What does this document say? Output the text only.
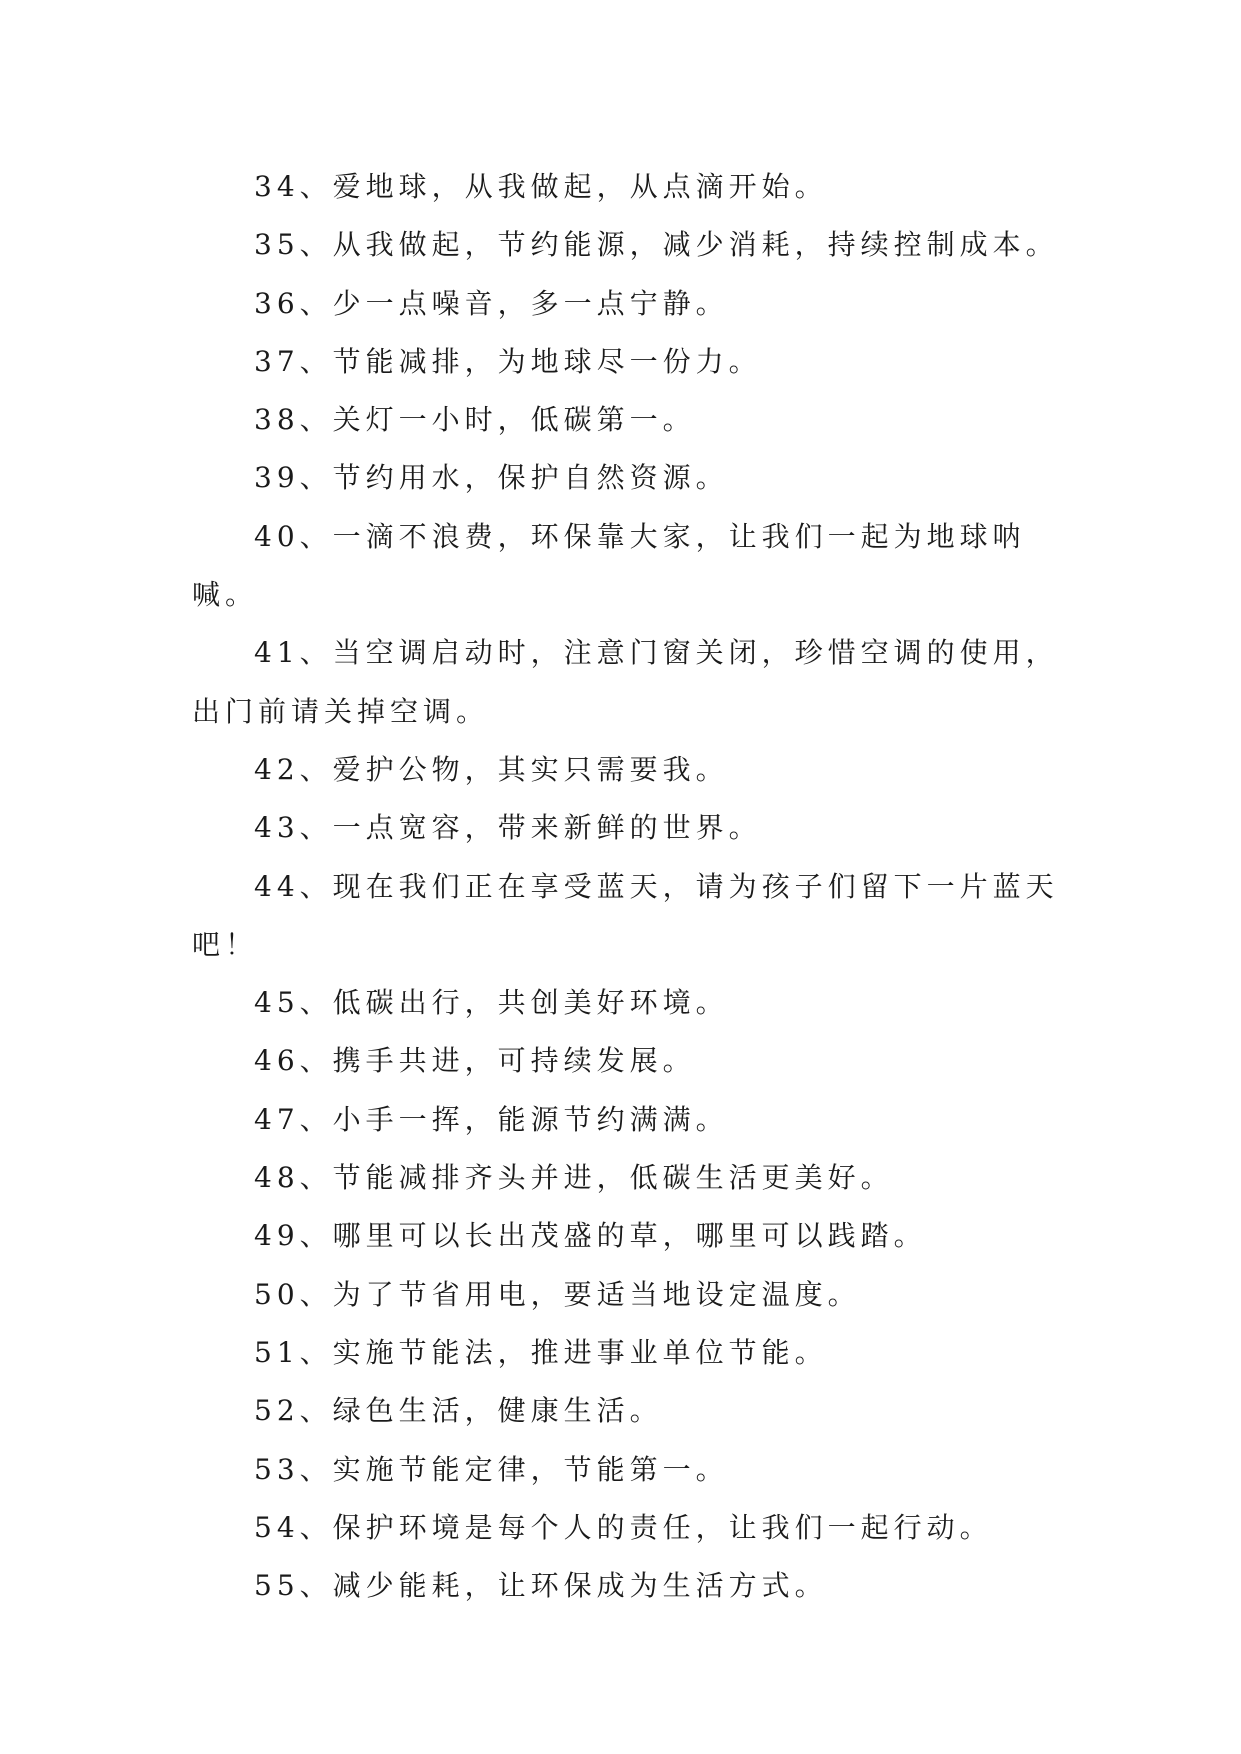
34、爱地球，从我做起，从点滴开始。

35、从我做起，节约能源，减少消耗，持续控制成本。

36、少一点噪音，多一点宁静。

37、节能减排，为地球尽一份力。

38、关灯一小时，低碳第一。

39、节约用水，保护自然资源。

40、一滴不浪费，环保靠大家，让我们一起为地球呐喊。

41、当空调启动时，注意门窗关闭，珍惜空调的使用，出门前请关掉空调。

42、爱护公物，其实只需要我。

43、一点宽容，带来新鲜的世界。

44、现在我们正在享受蓝天，请为孩子们留下一片蓝天吧！

45、低碳出行，共创美好环境。

46、携手共进，可持续发展。

47、小手一挥，能源节约满满。

48、节能减排齐头并进，低碳生活更美好。

49、哪里可以长出茂盛的草，哪里可以践踏。

50、为了节省用电，要适当地设定温度。

51、实施节能法，推进事业单位节能。

52、绿色生活，健康生活。

53、实施节能定律，节能第一。

54、保护环境是每个人的责任，让我们一起行动。

55、减少能耗，让环保成为生活方式。
